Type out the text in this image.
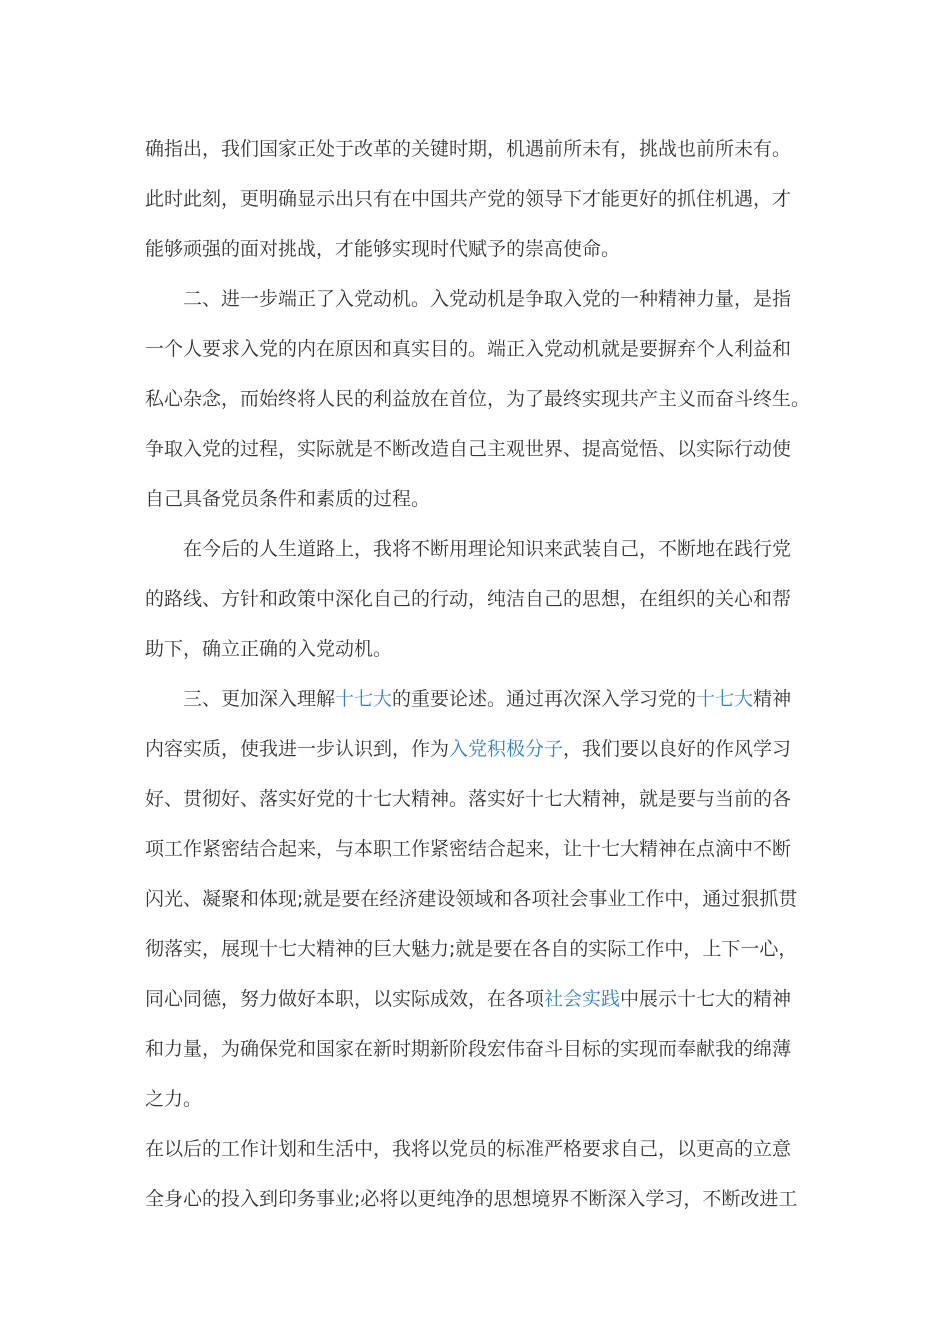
确指出，我们国家正处于改革的关键时期，机遇前所未有，挑战也前所未有。
此时此刻，更明确显示出只有在中国共产党的领导下才能更好的抓住机遇，才
能够顽强的面对挑战，才能够实现时代赋予的崇高使命。
二、进一步端正了入党动机。入党动机是争取入党的一种精神力量，是指
一个人要求入党的内在原因和真实目的。端正入党动机就是要摒弃个人利益和
私心杂念，而始终将人民的利益放在首位，为了最终实现共产主义而奋斗终生。
争取入党的过程，实际就是不断改造自己主观世界、提高觉悟、以实际行动使
自己具备党员条件和素质的过程。
在今后的人生道路上，我将不断用理论知识来武装自己，不断地在践行党
的路线、方针和政策中深化自己的行动，纯洁自己的思想，在组织的关心和帮
助下，确立正确的入党动机。
三、更加深入理解十七大的重要论述。通过再次深入学习党的十七大精神
内容实质，使我进一步认识到，作为入党积极分子，我们要以良好的作风学习
好、贯彻好、落实好党的十七大精神。落实好十七大精神，就是要与当前的各
项工作紧密结合起来，与本职工作紧密结合起来，让十七大精神在点滴中不断
闪光、凝聚和体现;就是要在经济建设领域和各项社会事业工作中，通过狠抓贯
彻落实，展现十七大精神的巨大魅力;就是要在各自的实际工作中，上下一心，
同心同德，努力做好本职，以实际成效，在各项社会实践中展示十七大的精神
和力量，为确保党和国家在新时期新阶段宏伟奋斗目标的实现而奉献我的绵薄
之力。
在以后的工作计划和生活中，我将以党员的标准严格要求自己，以更高的立意
全身心的投入到印务事业;必将以更纯净的思想境界不断深入学习，不断改进工
